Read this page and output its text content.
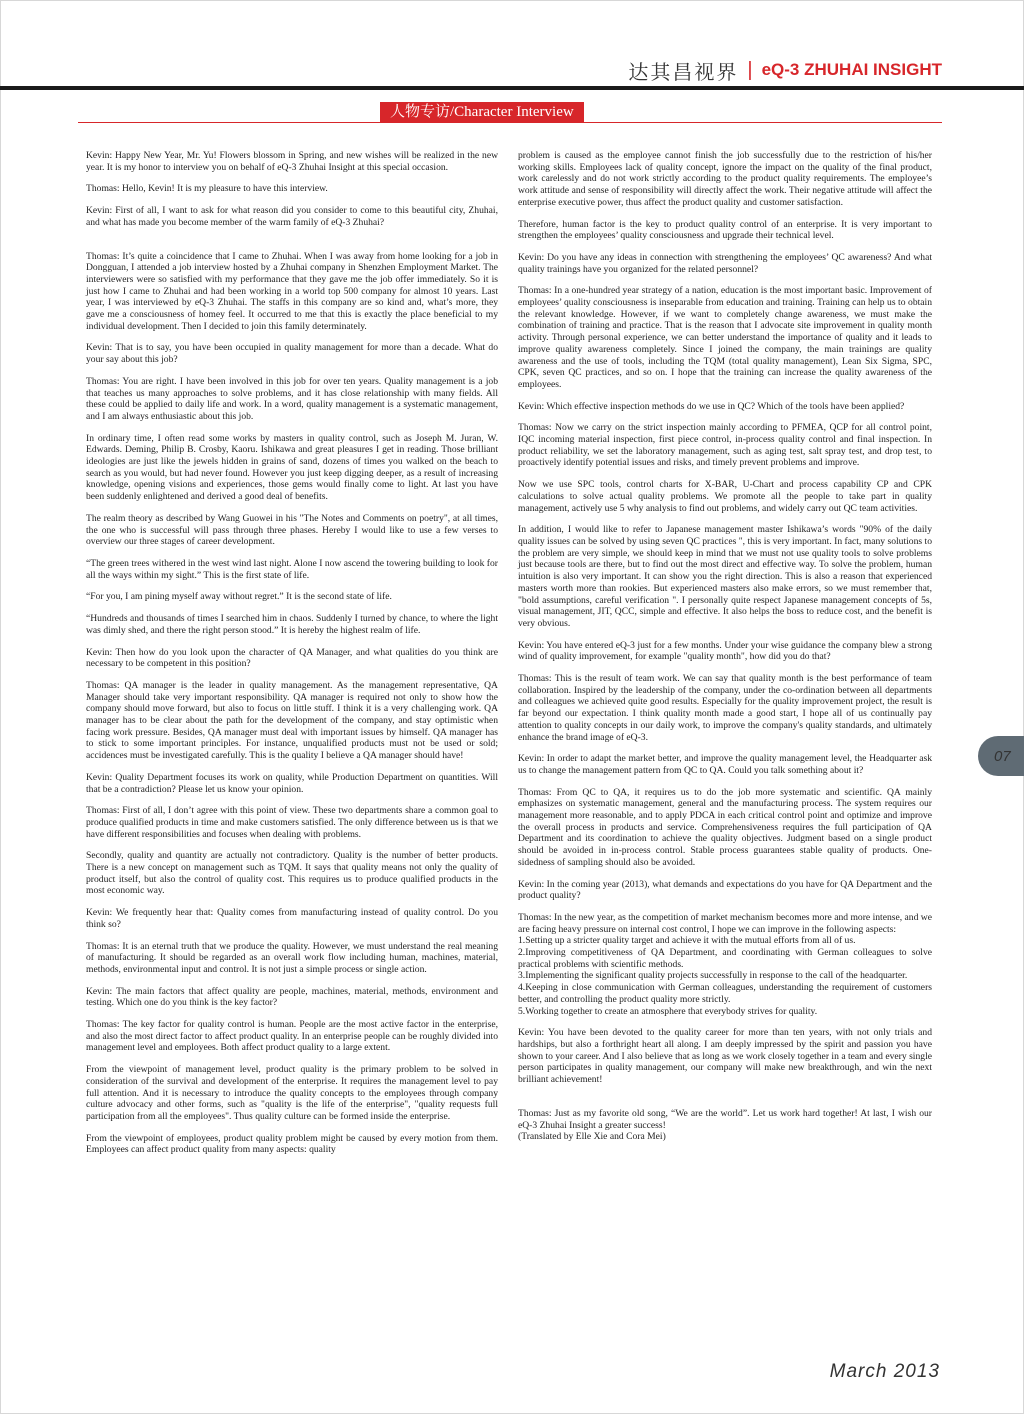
达其昌视界 | eQ-3 ZHUHAI INSIGHT
人物专访/Character Interview

Kevin: Happy New Year, Mr. Yu! Flowers blossom in Spring, and new wishes will be realized in the new year. It is my honor to interview you on behalf of eQ-3 Zhuhai Insight at this special occasion.

Thomas: Hello, Kevin! It is my pleasure to have this interview.

Kevin: First of all, I want to ask for what reason did you consider to come to this beautiful city, Zhuhai, and what has made you become member of the warm family of eQ-3 Zhuhai?

Thomas: It’s quite a coincidence that I came to Zhuhai. When I was away from home looking for a job in Dongguan, I attended a job interview hosted by a Zhuhai company in Shenzhen Employment Market. The interviewers were so satisfied with my performance that they gave me the job offer immediately. So it is just how I came to Zhuhai and had been working in a world top 500 company for almost 10 years. Last year, I was interviewed by eQ-3 Zhuhai. The staffs in this company are so kind and, what’s more, they gave me a consciousness of homey feel. It occurred to me that this is exactly the place beneficial to my individual development. Then I decided to join this family determinately.

Kevin: That is to say, you have been occupied in quality management for more than a decade. What do your say about this job?

Thomas: You are right. I have been involved in this job for over ten years. Quality management is a job that teaches us many approaches to solve problems, and it has close relationship with many fields. All these could be applied to daily life and work. In a word, quality management is a systematic management, and I am always enthusiastic about this job.

In ordinary time, I often read some works by masters in quality control, such as Joseph M. Juran, W. Edwards. Deming, Philip B. Crosby, Kaoru. Ishikawa and great pleasures I get in reading. Those brilliant ideologies are just like the jewels hidden in grains of sand, dozens of times you walked on the beach to search as you would, but had never found. However you just keep digging deeper, as a result of increasing knowledge, opening visions and experiences, those gems would finally come to light. At last you have been suddenly enlightened and derived a good deal of benefits.

The realm theory as described by Wang Guowei in his "The Notes and Comments on poetry", at all times, the one who is successful will pass through three phases. Hereby I would like to use a few verses to overview our three stages of career development.

“The green trees withered in the west wind last night. Alone I now ascend the towering building to look for all the ways within my sight.” This is the first state of life.

“For you, I am pining myself away without regret.” It is the second state of life.

“Hundreds and thousands of times I searched him in chaos. Suddenly I turned by chance, to where the light was dimly shed, and there the right person stood.” It is hereby the highest realm of life.

Kevin: Then how do you look upon the character of QA Manager, and what qualities do you think are necessary to be competent in this position?

Thomas: QA manager is the leader in quality management. As the management representative, QA Manager should take very important responsibility. QA manager is required not only to show how the company should move forward, but also to focus on little stuff. I think it is a very challenging work. QA manager has to be clear about the path for the development of the company, and stay optimistic when facing work pressure. Besides, QA manager must deal with important issues by himself. QA manager has to stick to some important principles. For instance, unqualified products must not be used or sold; accidences must be investigated carefully. This is the quality I believe a QA manager should have!

Kevin: Quality Department focuses its work on quality, while Production Department on quantities. Will that be a contradiction? Please let us know your opinion.

Thomas: First of all, I don’t agree with this point of view. These two departments share a common goal to produce qualified products in time and make customers satisfied. The only difference between us is that we have different responsibilities and focuses when dealing with problems.

Secondly, quality and quantity are actually not contradictory. Quality is the number of better products. There is a new concept on management such as TQM. It says that quality means not only the quality of product itself, but also the control of quality cost. This requires us to produce qualified products in the most economic way.

Kevin: We frequently hear that: Quality comes from manufacturing instead of quality control. Do you think so?

Thomas: It is an eternal truth that we produce the quality. However, we must understand the real meaning of manufacturing. It should be regarded as an overall work flow including human, machines, material, methods, environmental input and control. It is not just a simple process or single action.

Kevin: The main factors that affect quality are people, machines, material, methods, environment and testing. Which one do you think is the key factor?

Thomas: The key factor for quality control is human. People are the most active factor in the enterprise, and also the most direct factor to affect product quality. In an enterprise people can be roughly divided into management level and employees. Both affect product quality to a large extent.

From the viewpoint of management level, product quality is the primary problem to be solved in consideration of the survival and development of the enterprise. It requires the management level to pay full attention. And it is necessary to introduce the quality concepts to the employees through company culture advocacy and other forms, such as "quality is the life of the enterprise", "quality requests full participation from all the employees". Thus quality culture can be formed inside the enterprise.

From the viewpoint of employees, product quality problem might be caused by every motion from them. Employees can affect product quality from many aspects: quality

problem is caused as the employee cannot finish the job successfully due to the restriction of his/her working skills. Employees lack of quality concept, ignore the impact on the quality of the final product, work carelessly and do not work strictly according to the product quality requirements. The employee’s work attitude and sense of responsibility will directly affect the work. Their negative attitude will affect the enterprise executive power, thus affect the product quality and customer satisfaction.

Therefore, human factor is the key to product quality control of an enterprise. It is very important to strengthen the employees’ quality consciousness and upgrade their technical level.

Kevin: Do you have any ideas in connection with strengthening the employees’ QC awareness? And what quality trainings have you organized for the related personnel?

Thomas: In a one-hundred year strategy of a nation, education is the most important basic. Improvement of employees’ quality consciousness is inseparable from education and training. Training can help us to obtain the relevant knowledge. However, if we want to completely change awareness, we must make the combination of training and practice. That is the reason that I advocate site improvement in quality month activity. Through personal experience, we can better understand the importance of quality and it leads to improve quality awareness completely. Since I joined the company, the main trainings are quality awareness and the use of tools, including the TQM (total quality management), Lean Six Sigma, SPC, CPK, seven QC practices, and so on. I hope that the training can increase the quality awareness of the employees.

Kevin: Which effective inspection methods do we use in QC? Which of the tools have been applied?

Thomas: Now we carry on the strict inspection mainly according to PFMEA, QCP for all control point, IQC incoming material inspection, first piece control, in-process quality control and final inspection. In product reliability, we set the laboratory management, such as aging test, salt spray test, and drop test, to proactively identify potential issues and risks, and timely prevent problems and improve.

Now we use SPC tools, control charts for X-BAR, U-Chart and process capability CP and CPK calculations to solve actual quality problems. We promote all the people to take part in quality management, actively use 5 why analysis to find out problems, and widely carry out QC team activities.

In addition, I would like to refer to Japanese management master Ishikawa’s words "90% of the daily quality issues can be solved by using seven QC practices ", this is very important. In fact, many solutions to the problem are very simple, we should keep in mind that we must not use quality tools to solve problems just because tools are there, but to find out the most direct and effective way. To solve the problem, human intuition is also very important. It can show you the right direction. This is also a reason that experienced masters worth more than rookies. But experienced masters also make errors, so we must remember that, "bold assumptions, careful verification ". I personally quite respect Japanese management concepts of 5s, visual management, JIT, QCC, simple and effective. It also helps the boss to reduce cost, and the benefit is very obvious.

Kevin: You have entered eQ-3 just for a few months. Under your wise guidance the company blew a strong wind of quality improvement, for example "quality month", how did you do that?

Thomas: This is the result of team work. We can say that quality month is the best performance of team collaboration. Inspired by the leadership of the company, under the co-ordination between all departments and colleagues we achieved quite good results. Especially for the quality improvement project, the result is far beyond our expectation. I think quality month made a good start, I hope all of us continually pay attention to quality concepts in our daily work, to improve the company's quality standards, and ultimately enhance the brand image of eQ-3.

Kevin: In order to adapt the market better, and improve the quality management level, the Headquarter ask us to change the management pattern from QC to QA. Could you talk something about it?

Thomas: From QC to QA, it requires us to do the job more systematic and scientific. QA mainly emphasizes on systematic management, general and the manufacturing process. The system requires our management more reasonable, and to apply PDCA in each critical control point and optimize and improve the overall process in products and service. Comprehensiveness requires the full participation of QA Department and its coordination to achieve the quality objectives. Judgment based on a single product should be avoided in in-process control. Stable process guarantees stable quality of products. One-sidedness of sampling should also be avoided.

Kevin: In the coming year (2013), what demands and expectations do you have for QA Department and the product quality?

Thomas: In the new year, as the competition of market mechanism becomes more and more intense, and we are facing heavy pressure on internal cost control, I hope we can improve in the following aspects:
1.Setting up a stricter quality target and achieve it with the mutual efforts from all of us.
2.Improving competitiveness of QA Department, and coordinating with German colleagues to solve practical problems with scientific methods.
3.Implementing the significant quality projects successfully in response to the call of the headquarter.
4.Keeping in close communication with German colleagues, understanding the requirement of customers better, and controlling the product quality more strictly.
5.Working together to create an atmosphere that everybody strives for quality.

Kevin: You have been devoted to the quality career for more than ten years, with not only trials and hardships, but also a forthright heart all along. I am deeply impressed by the spirit and passion you have shown to your career. And I also believe that as long as we work closely together in a team and every single person participates in quality management, our company will make new breakthrough, and win the next brilliant achievement!

Thomas: Just as my favorite old song, “We are the world”. Let us work hard together! At last, I wish our eQ-3 Zhuhai Insight a greater success!
(Translated by Elle Xie and Cora Mei)

07
March 2013
